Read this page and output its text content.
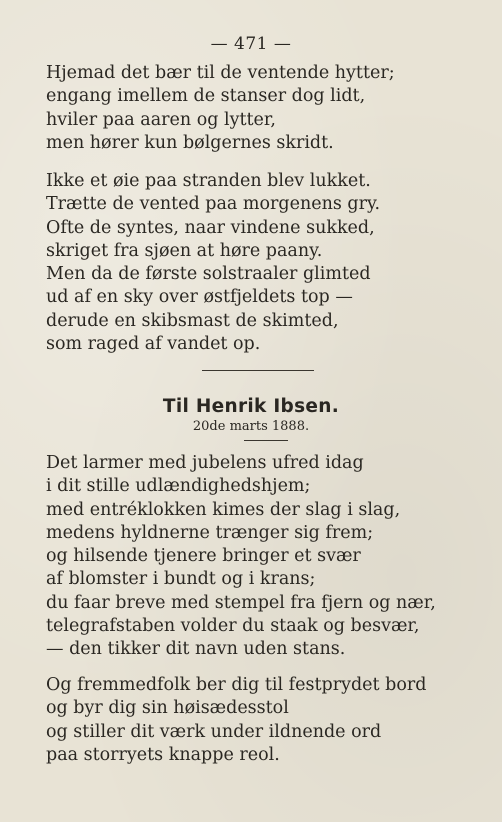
— 471 —
Hjemad det bær til de ventende hytter;
engang imellem de stanser dog lidt,
hviler paa aaren og lytter,
men hører kun bølgernes skridt.
Ikke et øie paa stranden blev lukket.
Trætte de vented paa morgenens gry.
Ofte de syntes, naar vindene sukked,
skriget fra sjøen at høre paany.
Men da de første solstraaler glimted
ud af en sky over østfjeldets top —
derude en skibsmast de skimted,
som raged af vandet op.
Til Henrik Ibsen.
20de marts 1888.
Det larmer med jubelens ufred idag
i dit stille udlændighedshjem;
med entréklokken kimes der slag i slag,
medens hyldnerne trænger sig frem;
og hilsende tjenere bringer et svær
af blomster i bundt og i krans;
du faar breve med stempel fra fjern og nær,
telegrafstaben volder du staak og besvær,
— den tikker dit navn uden stans.
Og fremmedfolk ber dig til festprydet bord
og byr dig sin høisædesstol
og stiller dit værk under ildnende ord
paa storryets knappe reol.
